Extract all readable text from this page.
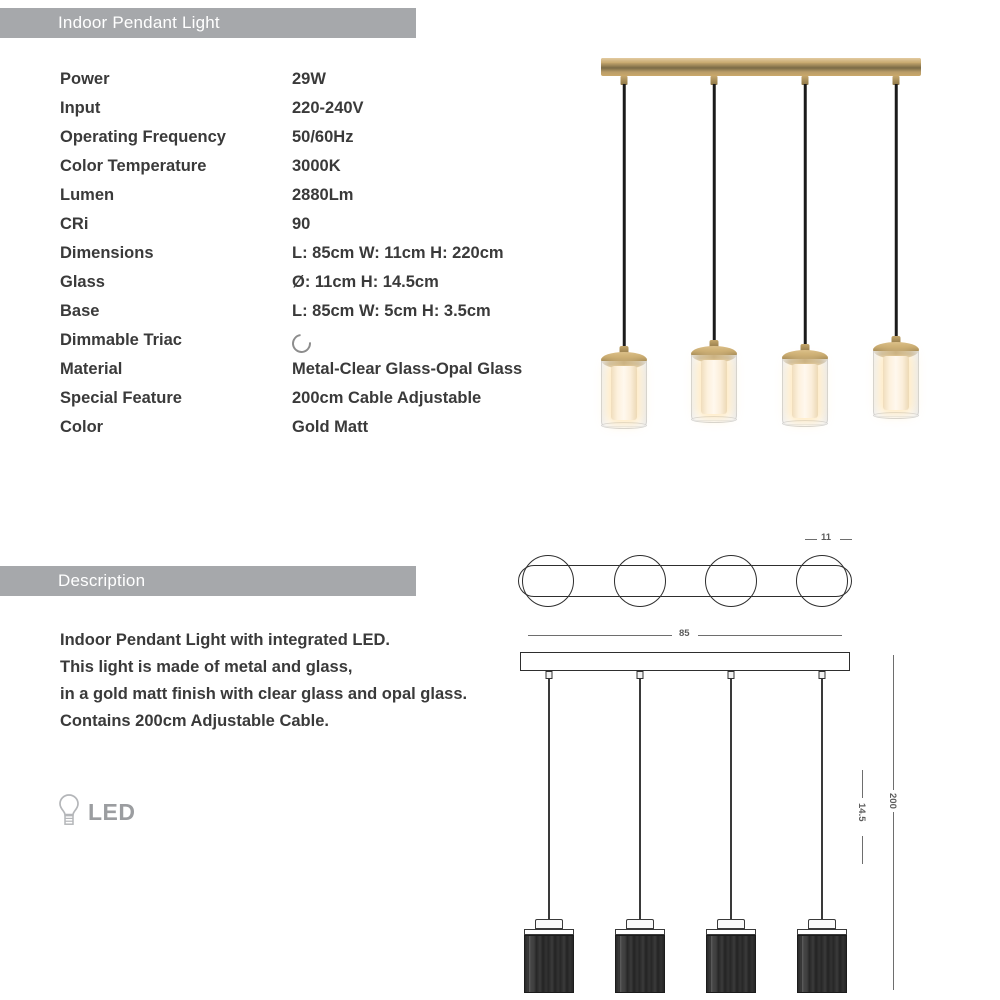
Indoor Pendant Light
Power	29W
Input	220-240V
Operating Frequency	50/60Hz
Color Temperature	3000K
Lumen	2880Lm
CRi	90
Dimensions	L: 85cm W: 11cm H: 220cm
Glass	Ø: 11cm H: 14.5cm
Base	L: 85cm W: 5cm H: 3.5cm
Dimmable Triac
Material	Metal-Clear Glass-Opal Glass
Special Feature	200cm Cable Adjustable
Color	Gold Matt
Description
Indoor Pendant Light with integrated LED.
This light is made of metal and glass,
in a gold matt finish with clear glass and opal glass.
Contains 200cm Adjustable Cable.
LED
11
85
200
14.5
